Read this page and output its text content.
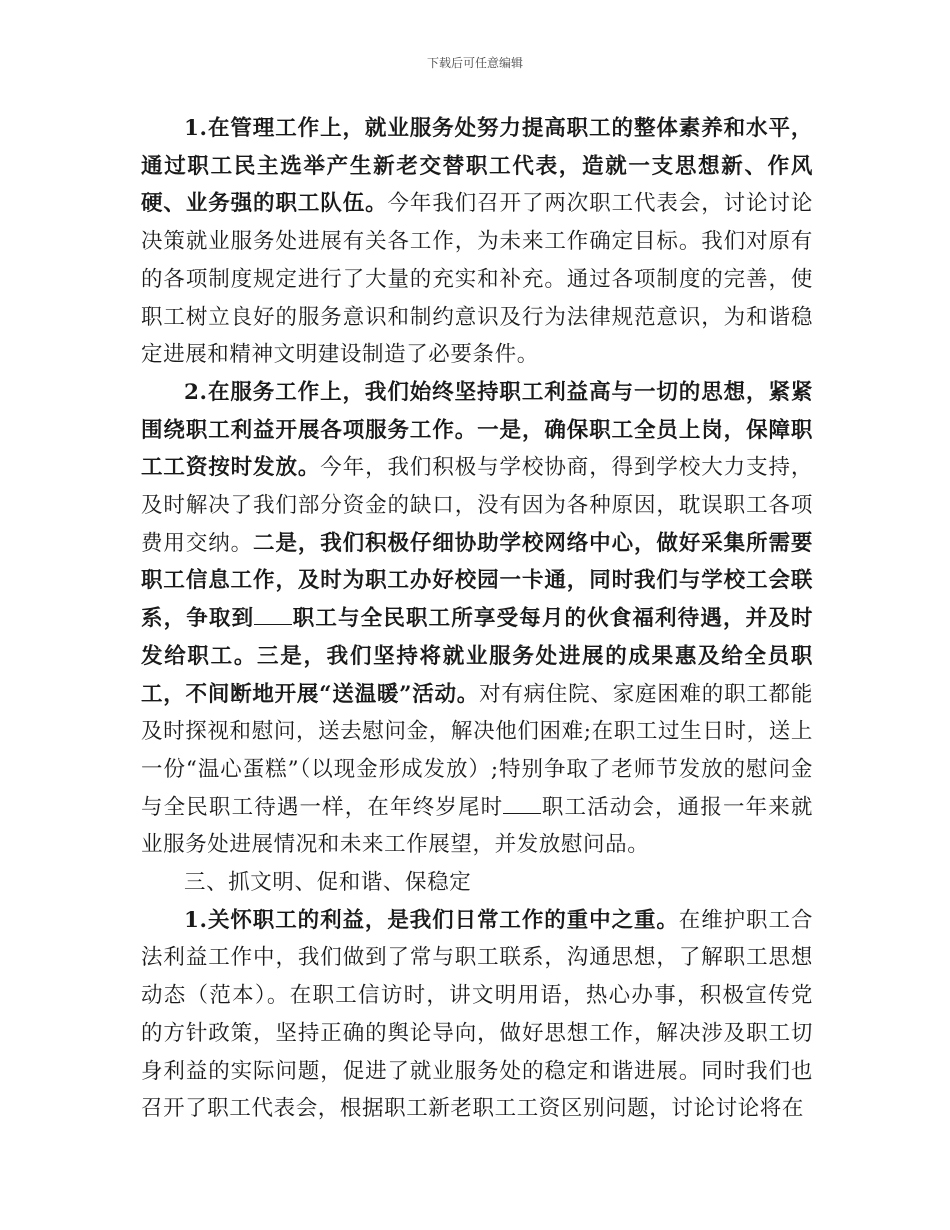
下载后可任意编辑

1.在管理工作上，就业服务处努力提高职工的整体素养和水平，通过职工民主选举产生新老交替职工代表，造就一支思想新、作风硬、业务强的职工队伍。今年我们召开了两次职工代表会，讨论讨论决策就业服务处进展有关各工作，为未来工作确定目标。我们对原有的各项制度规定进行了大量的充实和补充。通过各项制度的完善，使职工树立良好的服务意识和制约意识及行为法律规范意识，为和谐稳定进展和精神文明建设制造了必要条件。

2.在服务工作上，我们始终坚持职工利益高与一切的思想，紧紧围绕职工利益开展各项服务工作。一是，确保职工全员上岗，保障职工工资按时发放。今年，我们积极与学校协商，得到学校大力支持，及时解决了我们部分资金的缺口，没有因为各种原因，耽误职工各项费用交纳。二是，我们积极仔细协助学校网络中心，做好采集所需要职工信息工作，及时为职工办好校园一卡通，同时我们与学校工会联系，争取到 职工与全民职工所享受每月的伙食福利待遇，并及时发给职工。三是，我们坚持将就业服务处进展的成果惠及给全员职工，不间断地开展“送温暖”活动。对有病住院、家庭困难的职工都能及时探视和慰问，送去慰问金，解决他们困难;在职工过生日时，送上一份“温心蛋糕”（以现金形成发放）;特别争取了老师节发放的慰问金与全民职工待遇一样，在年终岁尾时 职工活动会，通报一年来就业服务处进展情况和未来工作展望，并发放慰问品。

三、抓文明、促和谐、保稳定

1.关怀职工的利益，是我们日常工作的重中之重。在维护职工合法利益工作中，我们做到了常与职工联系，沟通思想，了解职工思想动态（范本）。在职工信访时，讲文明用语，热心办事，积极宣传党的方针政策，坚持正确的舆论导向，做好思想工作，解决涉及职工切身利益的实际问题，促进了就业服务处的稳定和谐进展。同时我们也召开了职工代表会，根据职工新老职工工资区别问题，讨论讨论将在
